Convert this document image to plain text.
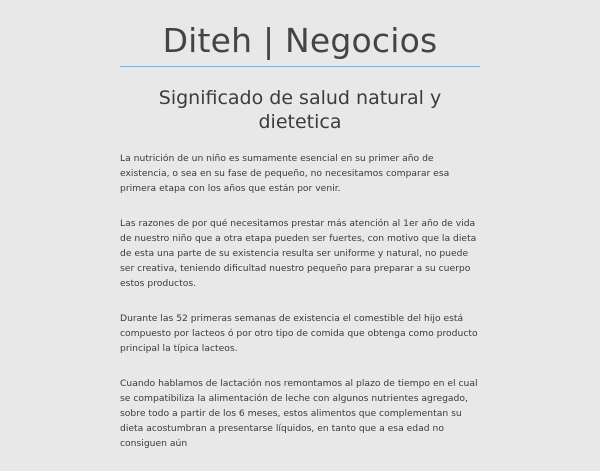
Diteh | Negocios
Significado de salud natural y dietetica

La nutrición de un niño es sumamente esencial en su primer año de existencia, o sea en su fase de pequeño, no necesitamos comparar esa primera etapa con los años que están por venir.

Las razones de por qué necesitamos prestar más atención al 1er año de vida de nuestro niño que a otra etapa pueden ser fuertes, con motivo que la dieta de esta una parte de su existencia resulta ser uniforme y natural, no puede ser creativa, teniendo dificultad nuestro pequeño para preparar a su cuerpo estos productos.

Durante las 52 primeras semanas de existencia el comestible del hijo está compuesto por lacteos ó por otro tipo de comida que obtenga como producto principal la típica lacteos.

Cuando hablamos de lactación nos remontamos al plazo de tiempo en el cual se compatibiliza la alimentación de leche con algunos nutrientes agregado, sobre todo a partir de los 6 meses, estos alimentos que complementan su dieta acostumbran a presentarse líquidos, en tanto que a esa edad no consiguen aún
